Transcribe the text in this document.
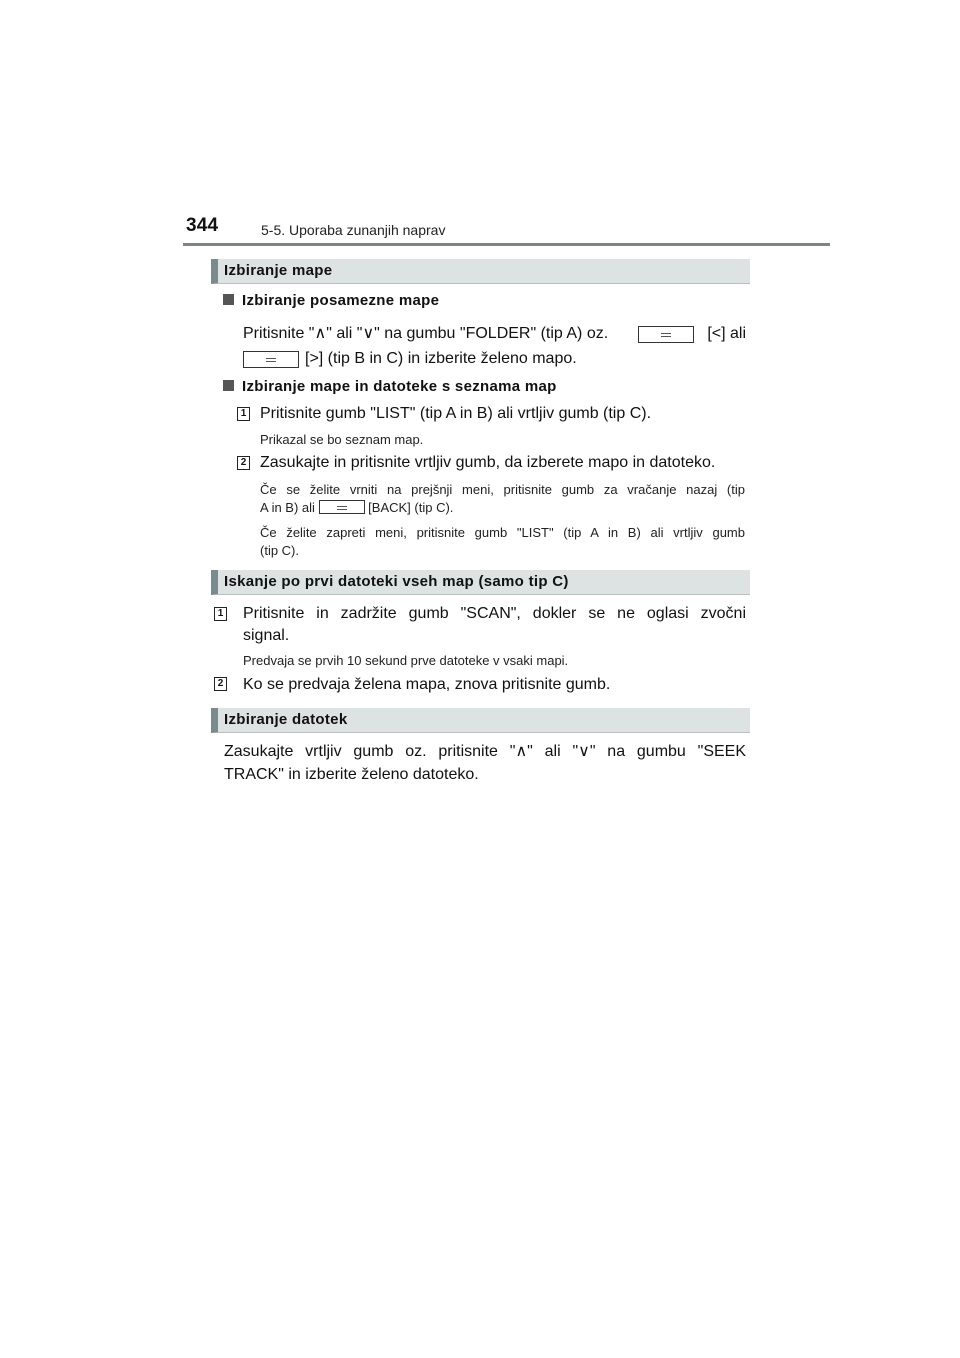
344	5-5. Uporaba zunanjih naprav
Izbiranje mape
Izbiranje posamezne mape
Pritisnite "∧" ali "∨" na gumbu "FOLDER" (tip A) oz.	[<] ali
[>] (tip B in C) in izberite želeno mapo.
Izbiranje mape in datoteke s seznama map
1 Pritisnite gumb "LIST" (tip A in B) ali vrtljiv gumb (tip C).
Prikazal se bo seznam map.
2 Zasukajte in pritisnite vrtljiv gumb, da izberete mapo in datoteko.
Če se želite vrniti na prejšnji meni, pritisnite gumb za vračanje nazaj (tip
A in B) ali	[BACK] (tip C).
Če želite zapreti meni, pritisnite gumb "LIST" (tip A in B) ali vrtljiv gumb
(tip C).
Iskanje po prvi datoteki vseh map (samo tip C)
1 Pritisnite in zadržite gumb "SCAN", dokler se ne oglasi zvočni
signal.
Predvaja se prvih 10 sekund prve datoteke v vsaki mapi.
2 Ko se predvaja želena mapa, znova pritisnite gumb.
Izbiranje datotek
Zasukajte vrtljiv gumb oz. pritisnite "∧" ali "∨" na gumbu "SEEK
TRACK" in izberite želeno datoteko.
